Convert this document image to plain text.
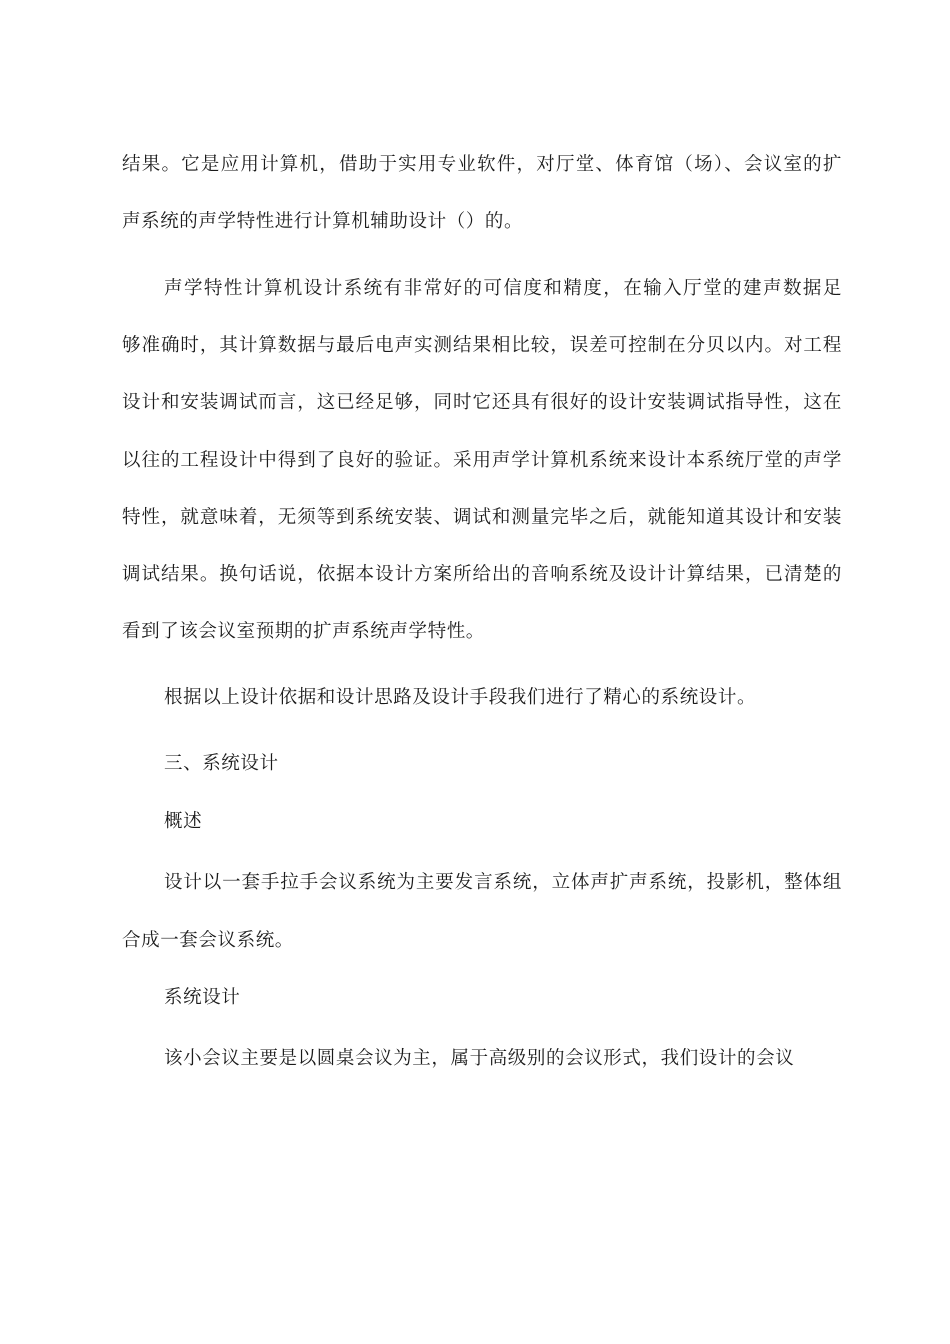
结果。它是应用计算机，借助于实用专业软件，对厅堂、体育馆（场）、会议室的扩
声系统的声学特性进行计算机辅助设计（）的。
声学特性计算机设计系统有非常好的可信度和精度，在输入厅堂的建声数据足
够准确时，其计算数据与最后电声实测结果相比较，误差可控制在分贝以内。对工程
设计和安装调试而言，这已经足够，同时它还具有很好的设计安装调试指导性，这在
以往的工程设计中得到了良好的验证。采用声学计算机系统来设计本系统厅堂的声学
特性，就意味着，无须等到系统安装、调试和测量完毕之后，就能知道其设计和安装
调试结果。换句话说，依据本设计方案所给出的音响系统及设计计算结果，已清楚的
看到了该会议室预期的扩声系统声学特性。
根据以上设计依据和设计思路及设计手段我们进行了精心的系统设计。
三、系统设计
概述
设计以一套手拉手会议系统为主要发言系统，立体声扩声系统，投影机，整体组
合成一套会议系统。
系统设计
该小会议主要是以圆桌会议为主，属于高级别的会议形式，我们设计的会议
